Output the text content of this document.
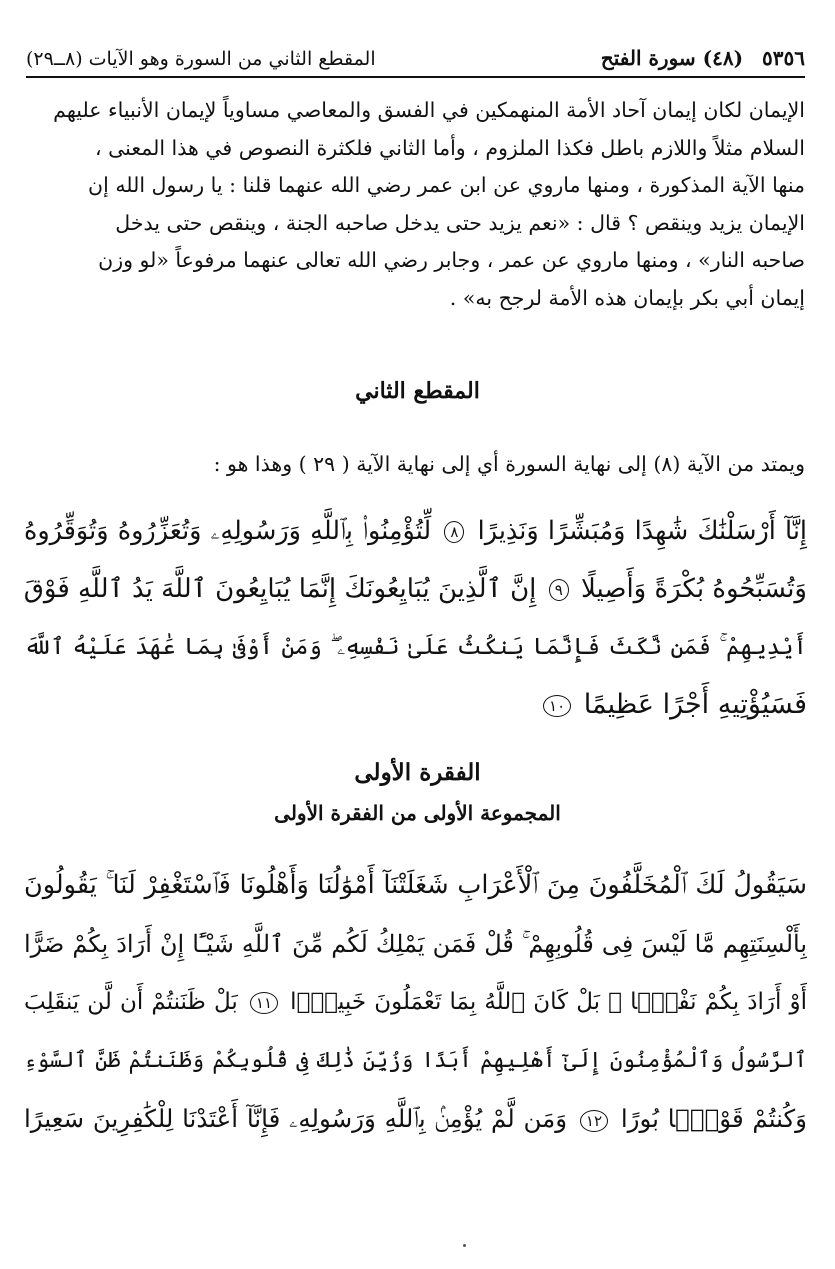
٥٣٥٦ (٤٨) سورة الفتح
المقطع الثاني من السورة وهو الآيات (٨ــ٢٩)
الإيمان لكان إيمان آحاد الأمة المنهمكين في الفسق والمعاصي مساوياً لإيمان الأنبياء عليهم
السلام مثلاً واللازم باطل فكذا الملزوم ، وأما الثاني فلكثرة النصوص في هذا المعنى ،
منها الآية المذكورة ، ومنها ماروي عن ابن عمر رضي الله عنهما قلنا : يا رسول الله إن
الإيمان يزيد وينقص ؟ قال : «نعم يزيد حتى يدخل صاحبه الجنة ، وينقص حتى يدخل
صاحبه النار» ، ومنها ماروي عن عمر ، وجابر رضي الله تعالى عنهما مرفوعاً «لو وزن
إيمان أبي بكر بإيمان هذه الأمة لرجح به» .
المقطع الثاني
ويمتد من الآية (٨) إلى نهاية السورة أي إلى نهاية الآية ( ٢٩ ) وهذا هو :
إِنَّآ أَرْسَلْنَٰكَ شَٰهِدًا وَمُبَشِّرًا وَنَذِيرًا ٨ لِّتُؤْمِنُوا۟ بِٱللَّهِ وَرَسُولِهِۦ وَتُعَزِّرُوهُ وَتُوَقِّرُوهُ
وَتُسَبِّحُوهُ بُكْرَةً وَأَصِيلًا ٩ إِنَّ ٱلَّذِينَ يُبَايِعُونَكَ إِنَّمَا يُبَايِعُونَ ٱللَّهَ يَدُ ٱللَّهِ فَوْقَ
أَيْدِيهِمْ ۚ فَمَن نَّكَثَ فَإِنَّمَا يَنكُثُ عَلَىٰ نَفْسِهِۦ ۖ وَمَنْ أَوْفَىٰ بِمَا عَٰهَدَ عَلَيْهُ ٱللَّهَ
فَسَيُؤْتِيهِ أَجْرًا عَظِيمًا ١٠
الفقرة الأولى
المجموعة الأولى من الفقرة الأولى
سَيَقُولُ لَكَ ٱلْمُخَلَّفُونَ مِنَ ٱلْأَعْرَابِ شَغَلَتْنَآ أَمْوَٰلُنَا وَأَهْلُونَا فَٱسْتَغْفِرْ لَنَا ۚ يَقُولُونَ
بِأَلْسِنَتِهِم مَّا لَيْسَ فِى قُلُوبِهِمْ ۚ قُلْ فَمَن يَمْلِكُ لَكُم مِّنَ ٱللَّهِ شَيْـًٔا إِنْ أَرَادَ بِكُمْ ضَرًّا
أَوْ أَرَادَ بِكُمْ نَفْعًۢا ۚ بَلْ كَانَ ٱللَّهُ بِمَا تَعْمَلُونَ خَبِيرًۢا ١١ بَلْ ظَنَنتُمْ أَن لَّن يَنقَلِبَ
ٱلرَّسُولُ وَٱلْمُؤْمِنُونَ إِلَىٰٓ أَهْلِيهِمْ أَبَدًا وَزُيِّنَ ذَٰلِكَ فِى قُلُوبِكُمْ وَظَنَنتُمْ ظَنَّ ٱلسَّوْءِ
وَكُنتُمْ قَوْمًۢا بُورًا ١٢ وَمَن لَّمْ يُؤْمِنۢ بِٱللَّهِ وَرَسُولِهِۦ فَإِنَّآ أَعْتَدْنَا لِلْكَٰفِرِينَ سَعِيرًا
